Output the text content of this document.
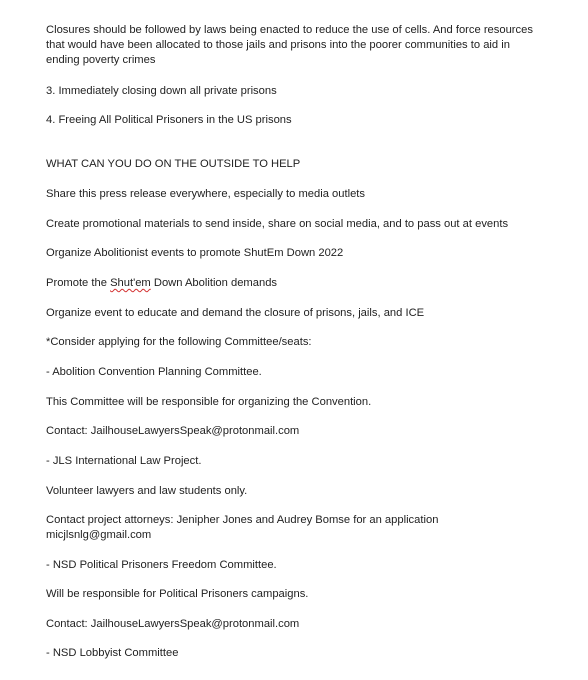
Closures should be followed by laws being enacted to reduce the use of cells. And force resources that would have been allocated to those jails and prisons into the poorer communities to aid in ending poverty crimes
3. Immediately closing down all private prisons
4. Freeing All Political Prisoners in the US prisons
WHAT CAN YOU DO ON THE OUTSIDE TO HELP
Share this press release everywhere, especially to media outlets
Create promotional materials to send inside, share on social media, and to pass out at events
Organize Abolitionist events to promote ShutEm Down 2022
Promote the Shut'em Down Abolition demands
Organize event to educate and demand the closure of prisons, jails, and ICE
*Consider applying for the following Committee/seats:
- Abolition Convention Planning Committee.
This Committee will be responsible for organizing the Convention.
Contact: JailhouseLawyersSpeak@protonmail.com
- JLS International Law Project.
Volunteer lawyers and law students only.
Contact project attorneys: Jenipher Jones and Audrey Bomse for an application
micjlsnlg@gmail.com
- NSD Political Prisoners Freedom Committee.
Will be responsible for Political Prisoners campaigns.
Contact: JailhouseLawyersSpeak@protonmail.com
- NSD Lobbyist Committee
